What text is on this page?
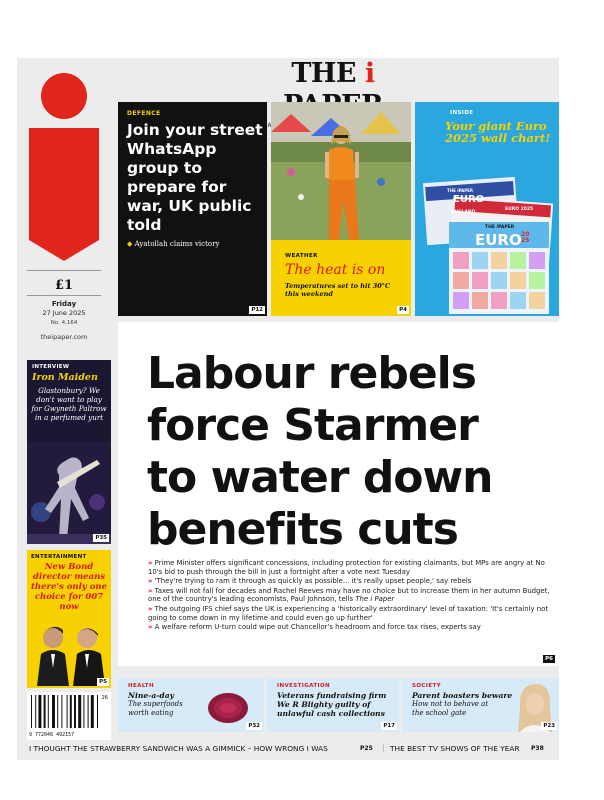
THE i
£1
Friday
27 June 2025
No. 4,164
theipaper.com
INTERVIEW
Iron Maiden
Glastonbury? We don't want to play for Gwyneth Paltrow in a perfumed yurt
P35
ENTERTAINMENT
New Bond director means there's only one choice for 007 now
P5
9 772046 492157
26
DEFENCE
Join your street WhatsApp group to prepare for war, UK public told
◆ Ayatollah claims victory
P12
WEATHER
The heat is on
Temperatures set to hit 30°C this weekend
P4
INSIDE
Your giant Euro 2025 wall chart!
THE iPAPER
EURO
ENGLAND
EURO 2025
THE iPAPER
EURO 20 25
P6
Labour rebels
force Starmer
to water down
benefits cuts

» Prime Minister offers significant concessions, including protection for existing claimants, but MPs are angry at No 10's bid to push through the bill in just a fortnight after a vote next Tuesday

» 'They're trying to ram it through as quickly as possible... it's really upset people,' say rebels

» Taxes will not fall for decades and Rachel Reeves may have no choice but to increase them in her autumn Budget, one of the country's leading economists, Paul Johnson, tells The i Paper

» The outgoing IFS chief says the UK is experiencing a 'historically extraordinary' level of taxation: 'It's certainly not going to come down in my lifetime and could even go up further'

» A welfare reform U-turn could wipe out Chancellor's headroom and force tax rises, experts say

HEALTH
Nine-a-day
The superfoods worth eating
P32
INVESTIGATION
Veterans fundraising firm We R Blighty guilty of unlawful cash collections
P17
SOCIETY
Parent boasters beware
How not to behave at the school gate
P23
I THOUGHT THE STRAWBERRY SANDWICH WAS A GIMMICK – HOW WRONG I WAS	P25 | THE BEST TV SHOWS OF THE YEAR P38
